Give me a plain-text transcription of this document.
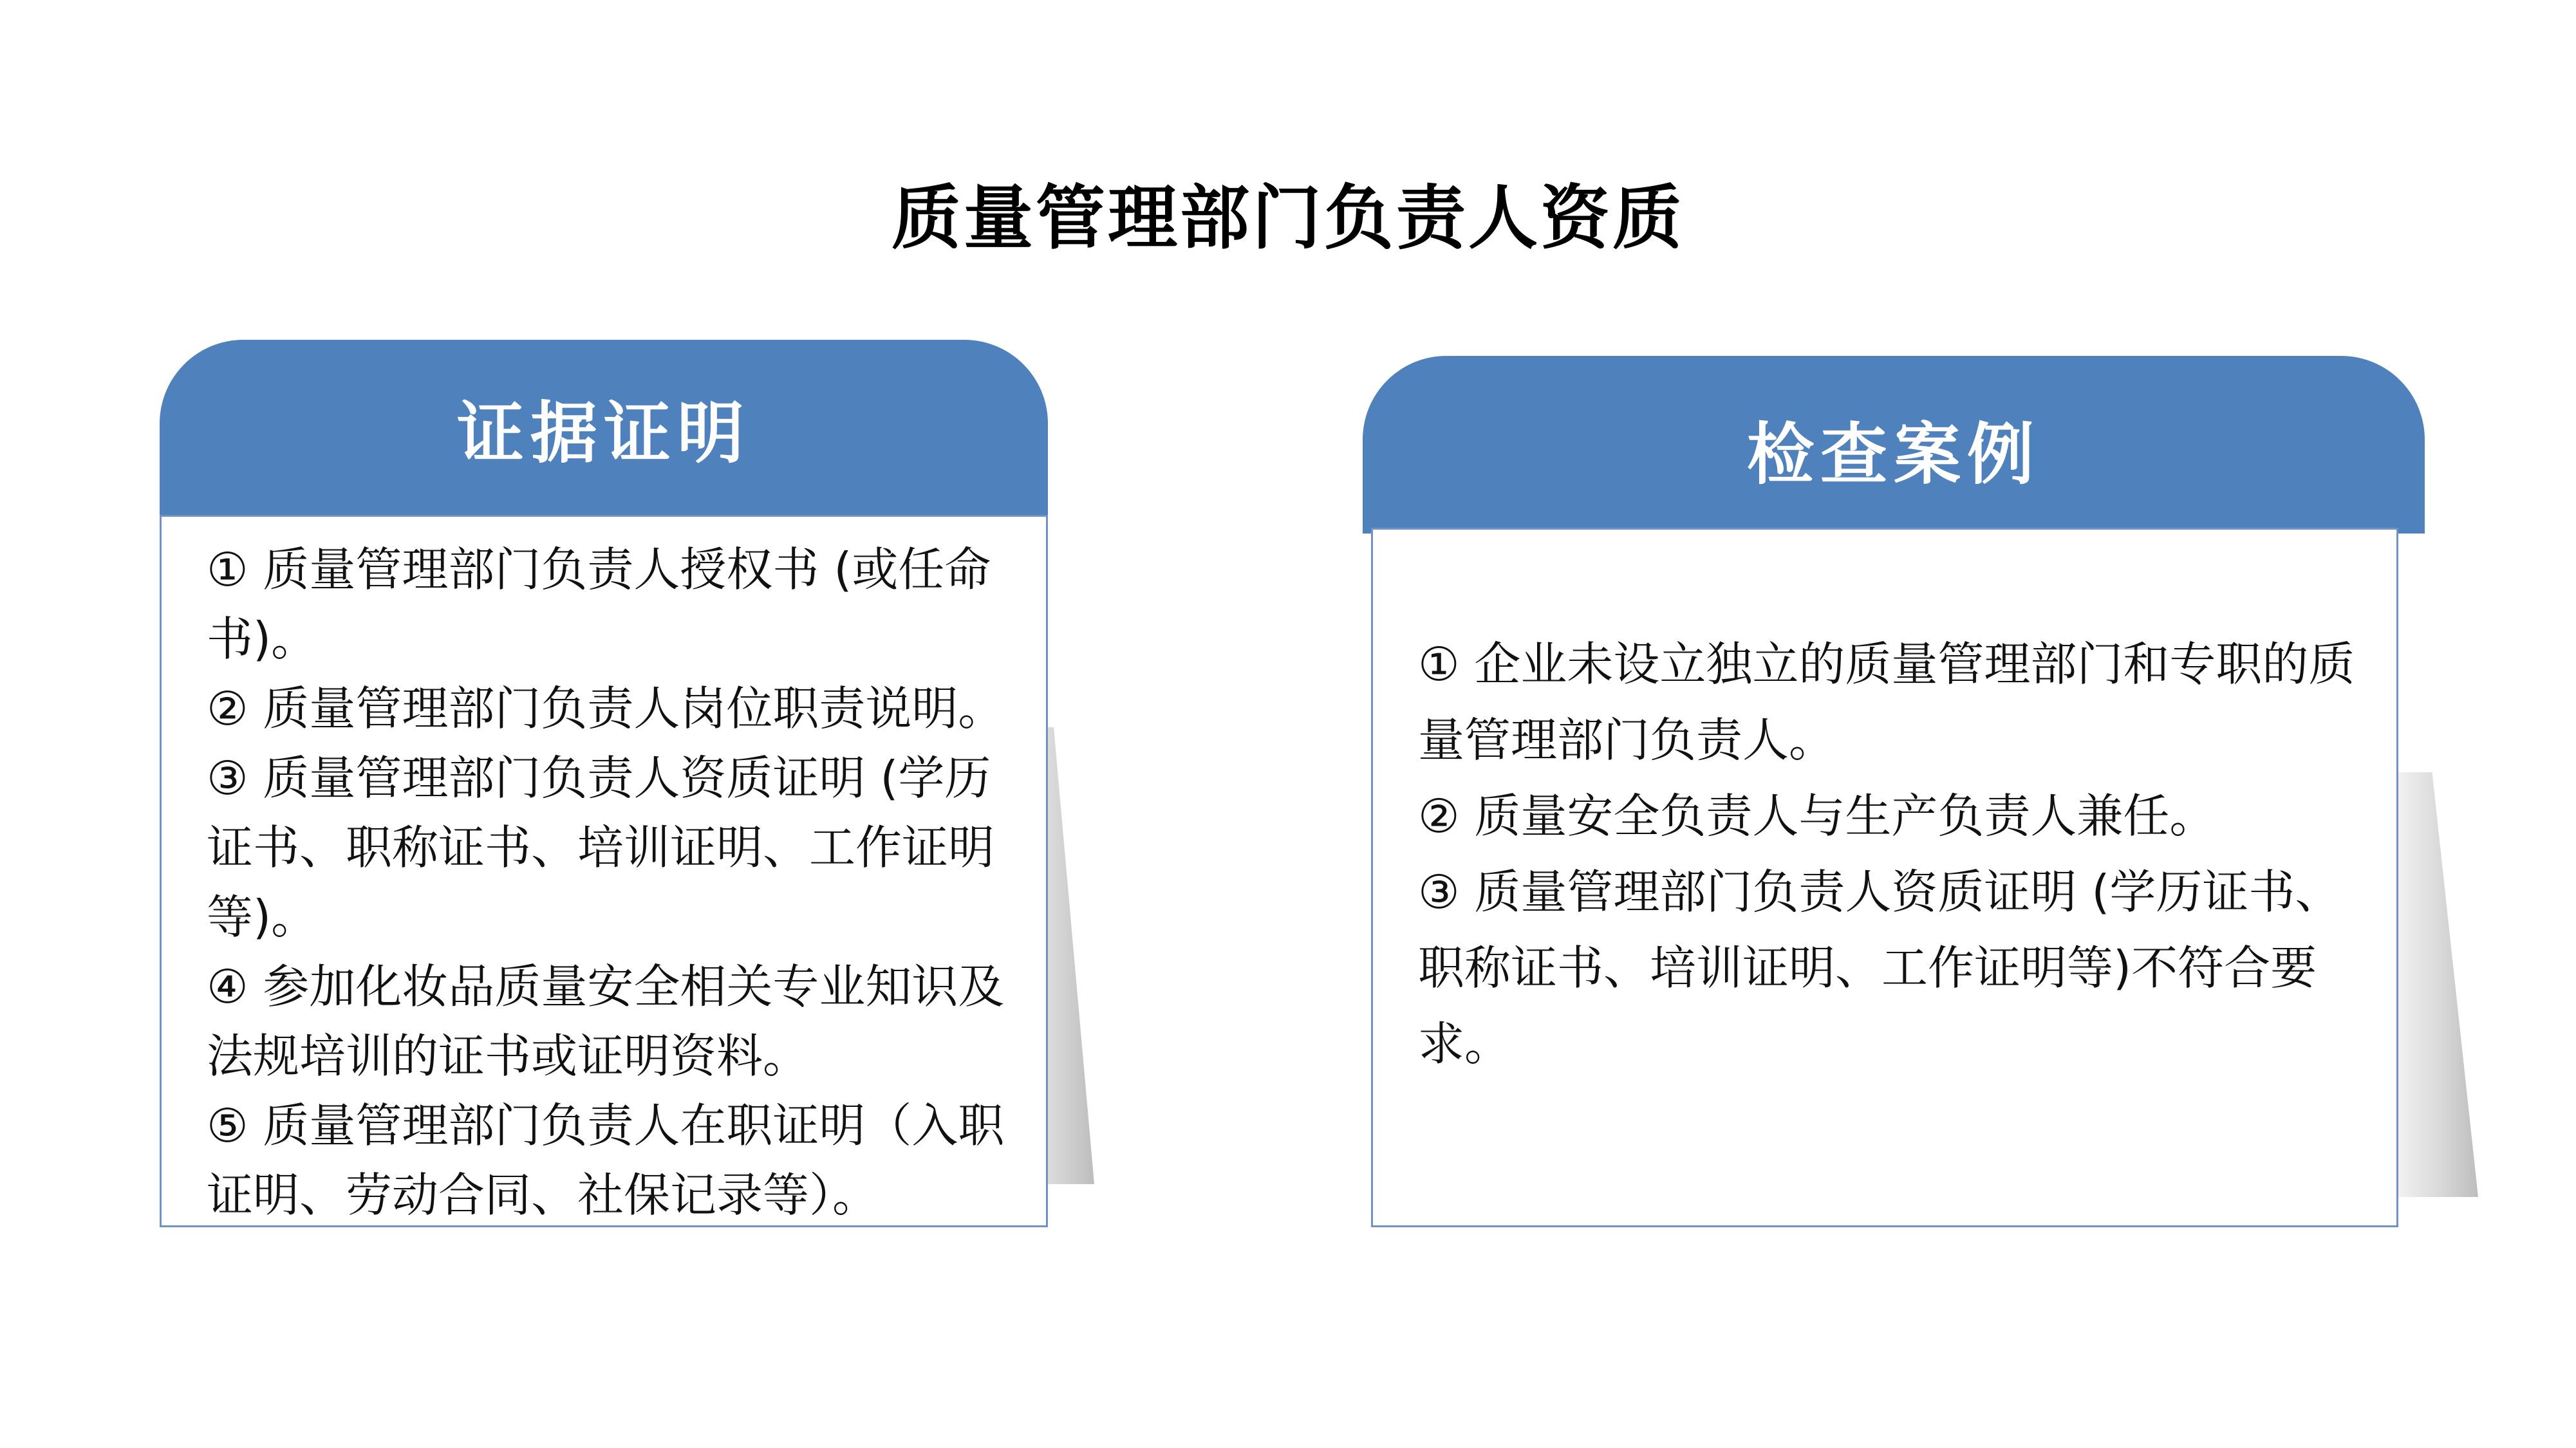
质量管理部门负责人资质
证据证明
① 质量管理部门负责人授权书 (或任命书)。
② 质量管理部门负责人岗位职责说明。
③ 质量管理部门负责人资质证明 (学历证书、职称证书、培训证明、工作证明等)。
④ 参加化妆品质量安全相关专业知识及法规培训的证书或证明资料。
⑤ 质量管理部门负责人在职证明（入职证明、劳动合同、社保记录等）。
检查案例
① 企业未设立独立的质量管理部门和专职的质量管理部门负责人。
② 质量安全负责人与生产负责人兼任。
③ 质量管理部门负责人资质证明 (学历证书、职称证书、培训证明、工作证明等)不符合要求。
